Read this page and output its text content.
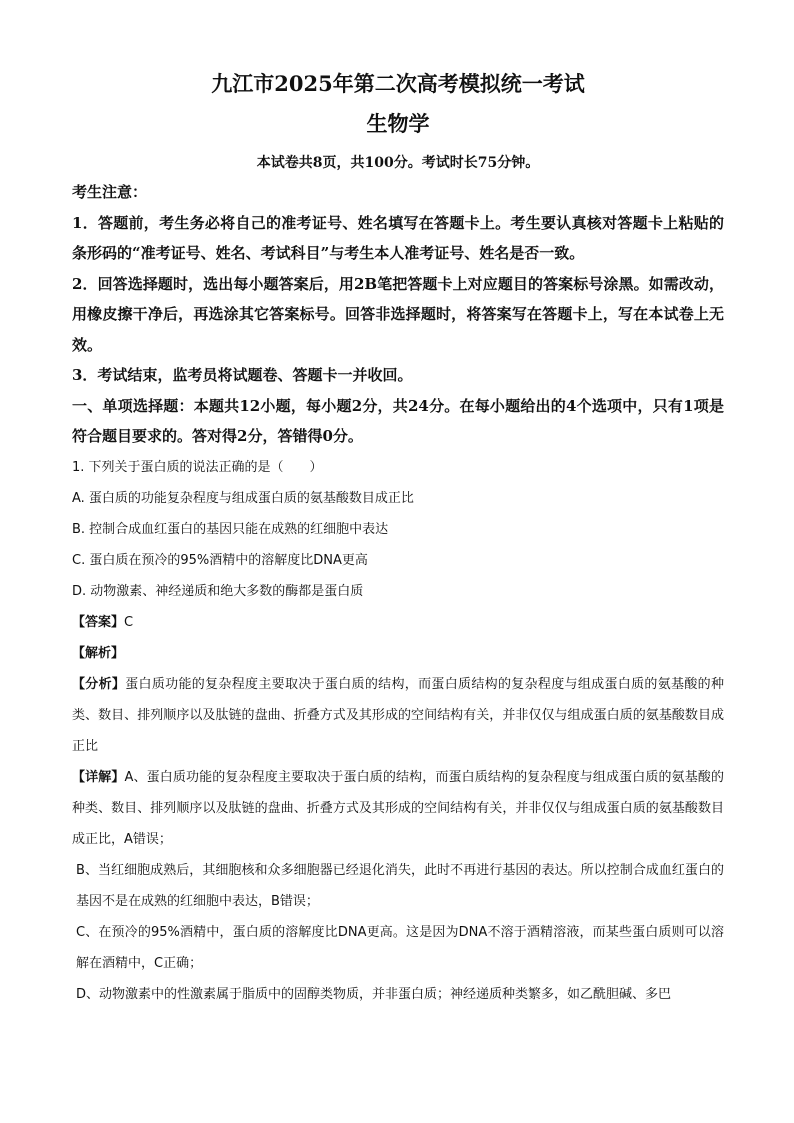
九江市2025年第二次高考模拟统一考试

生物学

本试卷共8页，共100分。考试时长75分钟。

考生注意：

1．答题前，考生务必将自己的准考证号、姓名填写在答题卡上。考生要认真核对答题卡上粘贴的条形码的“准考证号、姓名、考试科目”与考生本人准考证号、姓名是否一致。

2．回答选择题时，选出每小题答案后，用2B笔把答题卡上对应题目的答案标号涂黑。如需改动，用橡皮擦干净后，再选涂其它答案标号。回答非选择题时，将答案写在答题卡上，写在本试卷上无效。

3．考试结束，监考员将试题卷、答题卡一并收回。

一、单项选择题：本题共12小题，每小题2分，共24分。在每小题给出的4个选项中，只有1项是符合题目要求的。答对得2分，答错得0分。

1. 下列关于蛋白质的说法正确的是（　　）

A. 蛋白质的功能复杂程度与组成蛋白质的氨基酸数目成正比

B. 控制合成血红蛋白的基因只能在成熟的红细胞中表达

C. 蛋白质在预冷的95%酒精中的溶解度比DNA更高

D. 动物激素、神经递质和绝大多数的酶都是蛋白质

【答案】C

【解析】

【分析】蛋白质功能的复杂程度主要取决于蛋白质的结构，而蛋白质结构的复杂程度与组成蛋白质的氨基酸的种类、数目、排列顺序以及肽链的盘曲、折叠方式及其形成的空间结构有关，并非仅仅与组成蛋白质的氨基酸数目成正比

【详解】A、蛋白质功能的复杂程度主要取决于蛋白质的结构，而蛋白质结构的复杂程度与组成蛋白质的氨基酸的种类、数目、排列顺序以及肽链的盘曲、折叠方式及其形成的空间结构有关，并非仅仅与组成蛋白质的氨基酸数目成正比，A错误；

B、当红细胞成熟后，其细胞核和众多细胞器已经退化消失，此时不再进行基因的表达。所以控制合成血红蛋白的基因不是在成熟的红细胞中表达，B错误；

C、在预冷的95%酒精中，蛋白质的溶解度比DNA更高。这是因为DNA不溶于酒精溶液，而某些蛋白质则可以溶解在酒精中，C正确；

D、动物激素中的性激素属于脂质中的固醇类物质，并非蛋白质；神经递质种类繁多，如乙酰胆碱、多巴
